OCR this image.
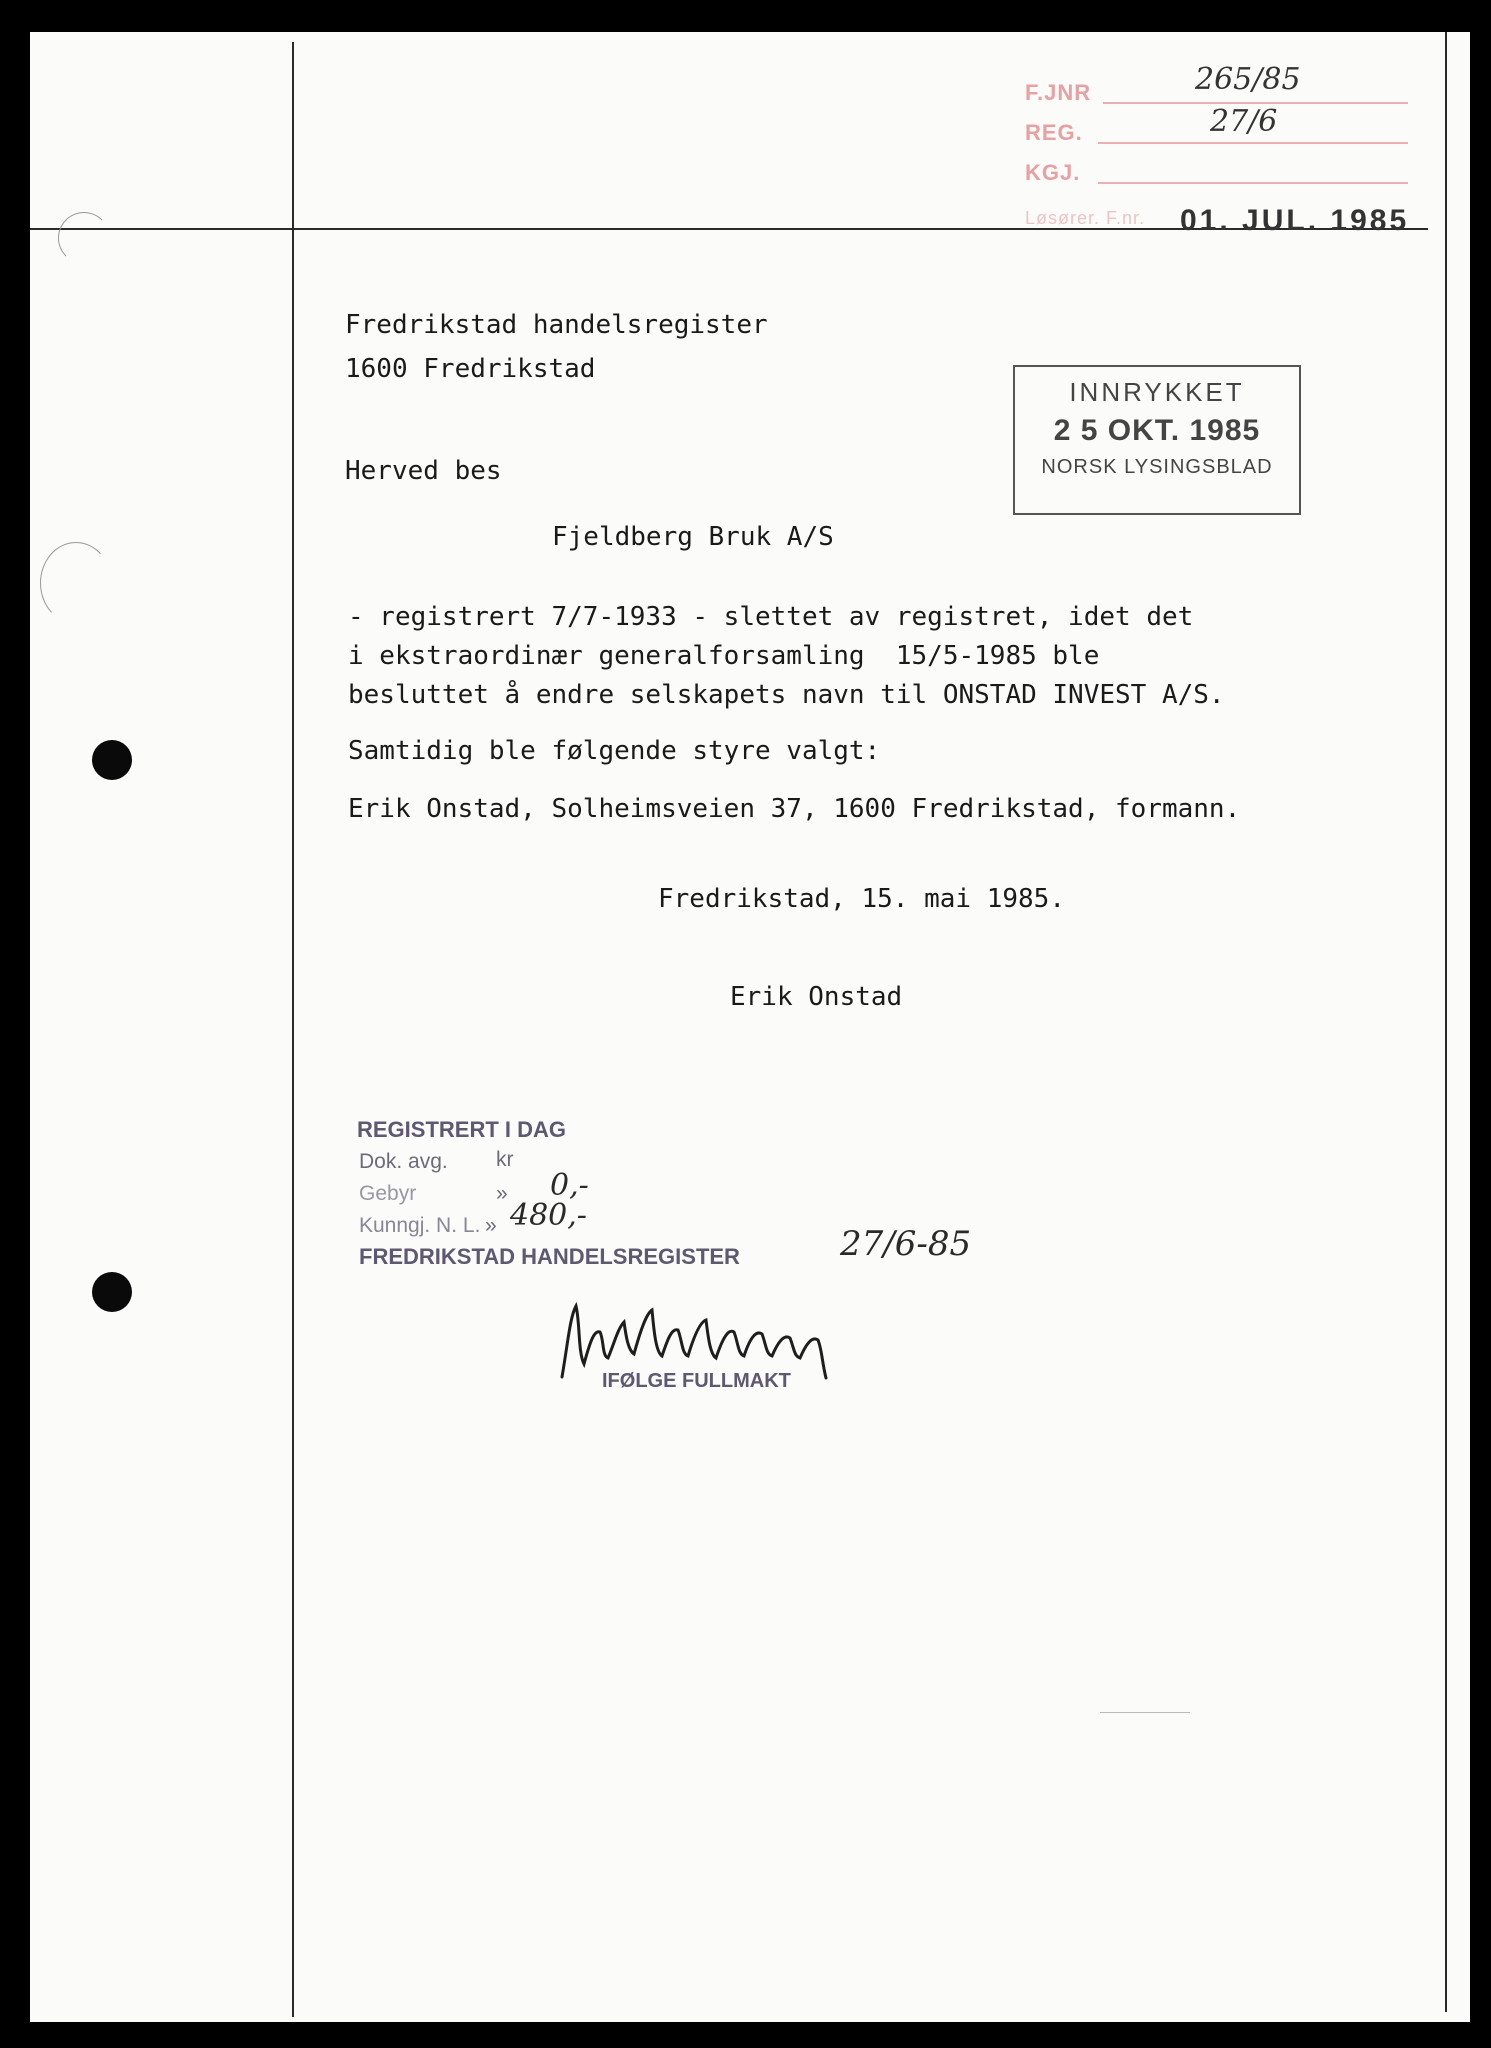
F.JNR	265/85
REG.	27/6
KGJ.
Løsører. F.nr. 01. JUL. 1985
Fredrikstad handelsregister
1600 Fredrikstad
INNRYKKET
2 5 OKT. 1985
NORSK LYSINGSBLAD
Herved bes
Fjeldberg Bruk A/S
- registrert 7/7-1933 - slettet av registret, idet det
i ekstraordinær generalforsamling  15/5-1985 ble
besluttet å endre selskapets navn til ONSTAD INVEST A/S.
Samtidig ble følgende styre valgt:
Erik Onstad, Solheimsveien 37, 1600 Fredrikstad, formann.
Fredrikstad, 15. mai 1985.
Erik Onstad
REGISTRERT I DAG
Dok. avg. kr
Gebyr	» 0,-
Kunngj. N. L. » 480,-
FREDRIKSTAD HANDELSREGISTER	27/6-85
IFØLGE FULLMAKT
